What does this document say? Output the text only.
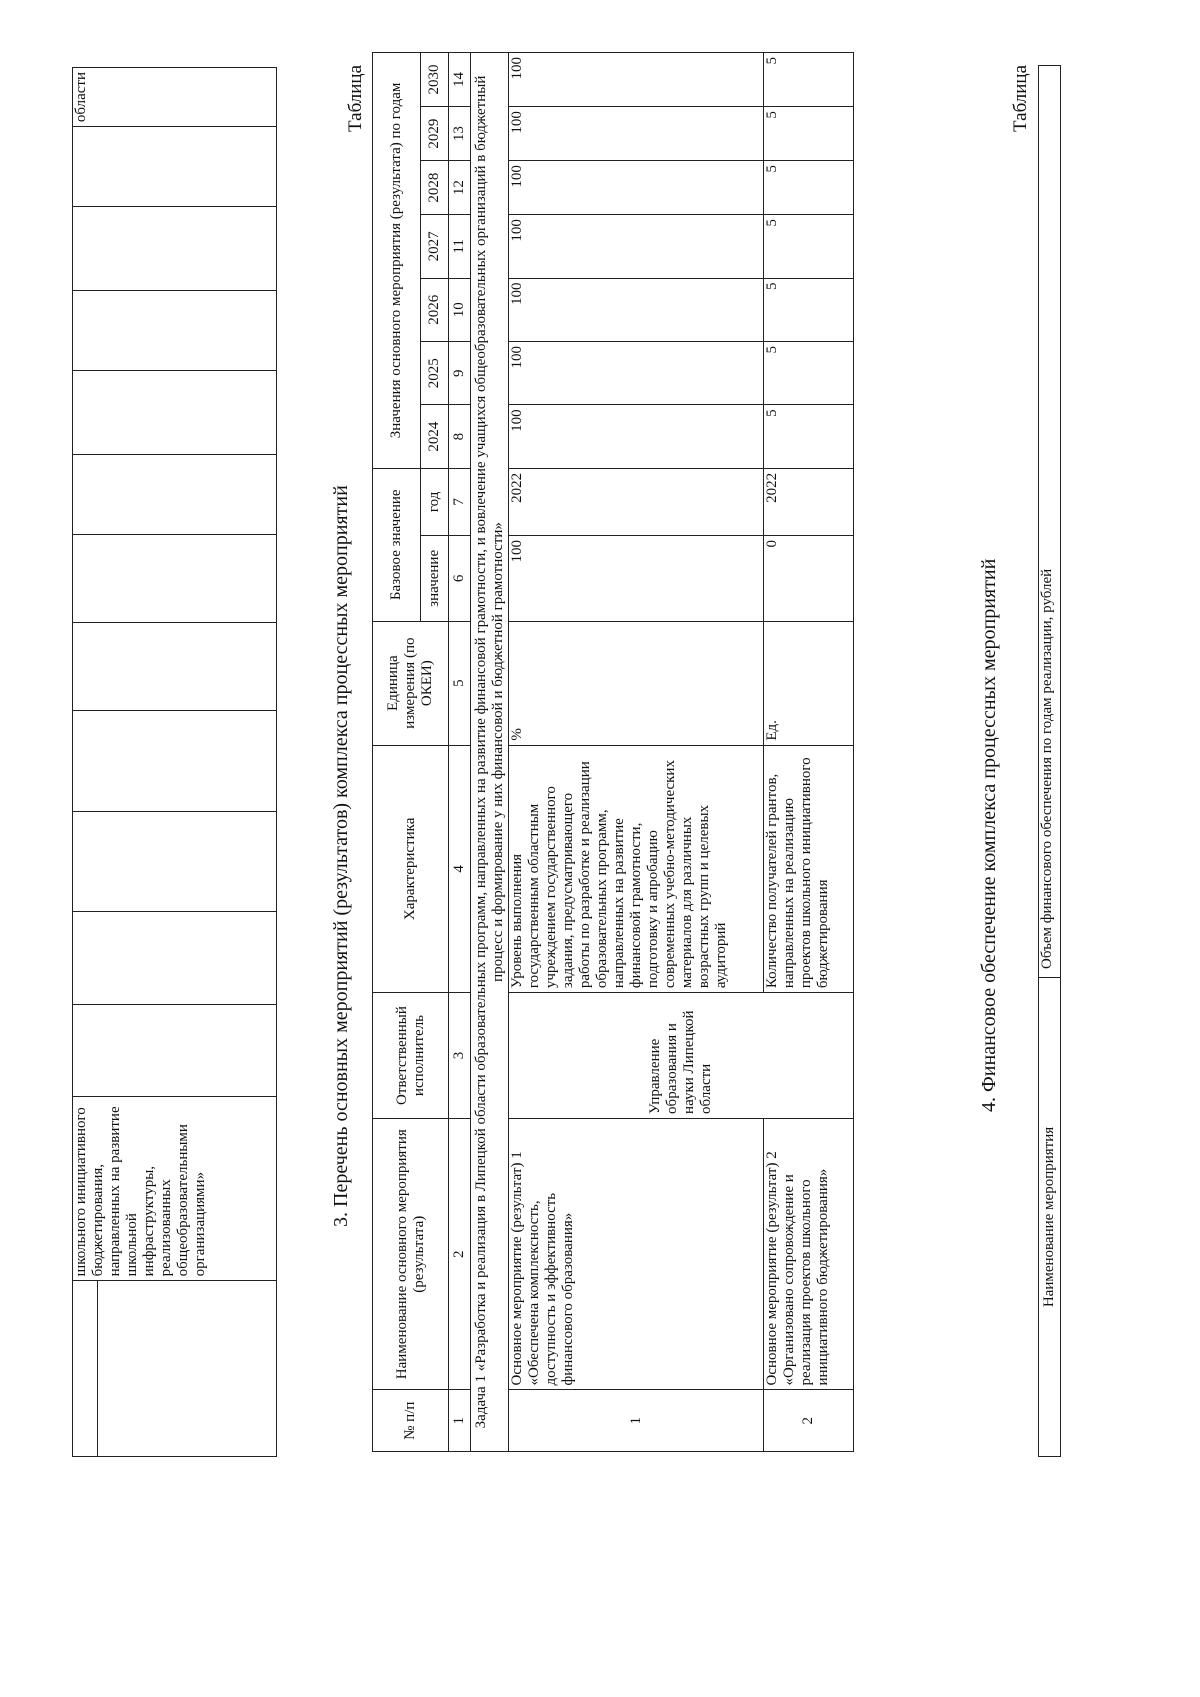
	школьного инициативного бюджетирования, направленных на развитие школьной инфраструктуры, реализованных общеобразовательными организациями»												области

3. Перечень основных мероприятий (результатов) комплекса процессных мероприятий
Таблица
№ п/п	Наименование основного мероприятия (результата)	Ответственный исполнитель	Характеристика	Единица измерения (по ОКЕИ)	Базовое значение		Значения основного мероприятия (результата) по годам						
					значение	год	2024	2025	2026	2027	2028	2029	2030
1	2	3	4	5	6	7	8	9	10	11	12	13	14
Задача 1 «Разработка и реализация в Липецкой области образовательных программ, направленных на развитие финансовой грамотности, и вовлечение учащихся общеобразовательных организаций в бюджетный процесс и формирование у них финансовой и бюджетной грамотности»													
1	Основное мероприятие (результат) 1 «Обеспечена комплексность, доступность и эффективность финансового образования»	Управление образования и науки Липецкой области	Уровень выполнения государственным областным учреждением государственного задания, предусматривающего работы по разработке и реализации образовательных программ, направленных на развитие финансовой грамотности, подготовку и апробацию современных учебно-методических материалов для различных возрастных групп и целевых аудиторий	%	100	2022	100	100	100	100	100	100	100
2	Основное мероприятие (результат) 2 «Организовано сопровождение и реализация проектов школьного инициативного бюджетирования»		Количество получателей грантов, направленных на реализацию проектов школьного инициативного бюджетирования	Ед.	0	2022	5	5	5	5	5	5	5
4. Финансовое обеспечение комплекса процессных мероприятий
Таблица
Наименование мероприятия	Объем финансового обеспечения по годам реализации, рублей
